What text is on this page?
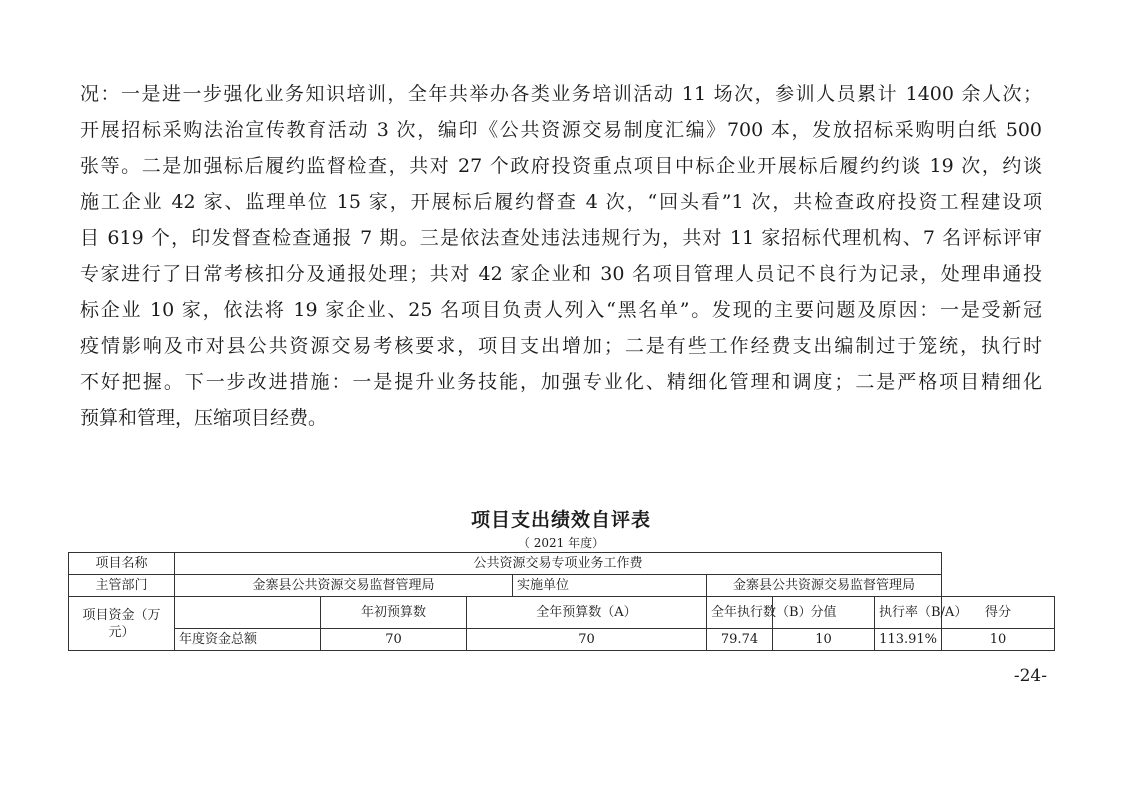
况：一是进一步强化业务知识培训，全年共举办各类业务培训活动 11 场次，参训人员累计 1400 余人次；
开展招标采购法治宣传教育活动 3 次，编印《公共资源交易制度汇编》700 本，发放招标采购明白纸 500
张等。二是加强标后履约监督检查，共对 27 个政府投资重点项目中标企业开展标后履约约谈 19 次，约谈
施工企业 42 家、监理单位 15 家，开展标后履约督查 4 次，“回头看”1 次，共检查政府投资工程建设项
目 619 个，印发督查检查通报 7 期。三是依法查处违法违规行为，共对 11 家招标代理机构、7 名评标评审
专家进行了日常考核扣分及通报处理；共对 42 家企业和 30 名项目管理人员记不良行为记录，处理串通投
标企业 10 家，依法将 19 家企业、25 名项目负责人列入“黑名单”。发现的主要问题及原因：一是受新冠
疫情影响及市对县公共资源交易考核要求，项目支出增加；二是有些工作经费支出编制过于笼统，执行时
不好把握。下一步改进措施：一是提升业务技能，加强专业化、精细化管理和调度；二是严格项目精细化
预算和管理，压缩项目经费。
项目支出绩效自评表
（ 2021 年度）
项目名称	公共资源交易专项业务工作费							
主管部门	金寨县公共资源交易监督管理局			实施单位	金寨县公共资源交易监督管理局			
项目资金（万元）		年初预算数	全年预算数（A）		全年执行数（B）	分值	执行率（B/A）	得分
	年度资金总额	70	70		79.74	10	113.91%	10
-24-
